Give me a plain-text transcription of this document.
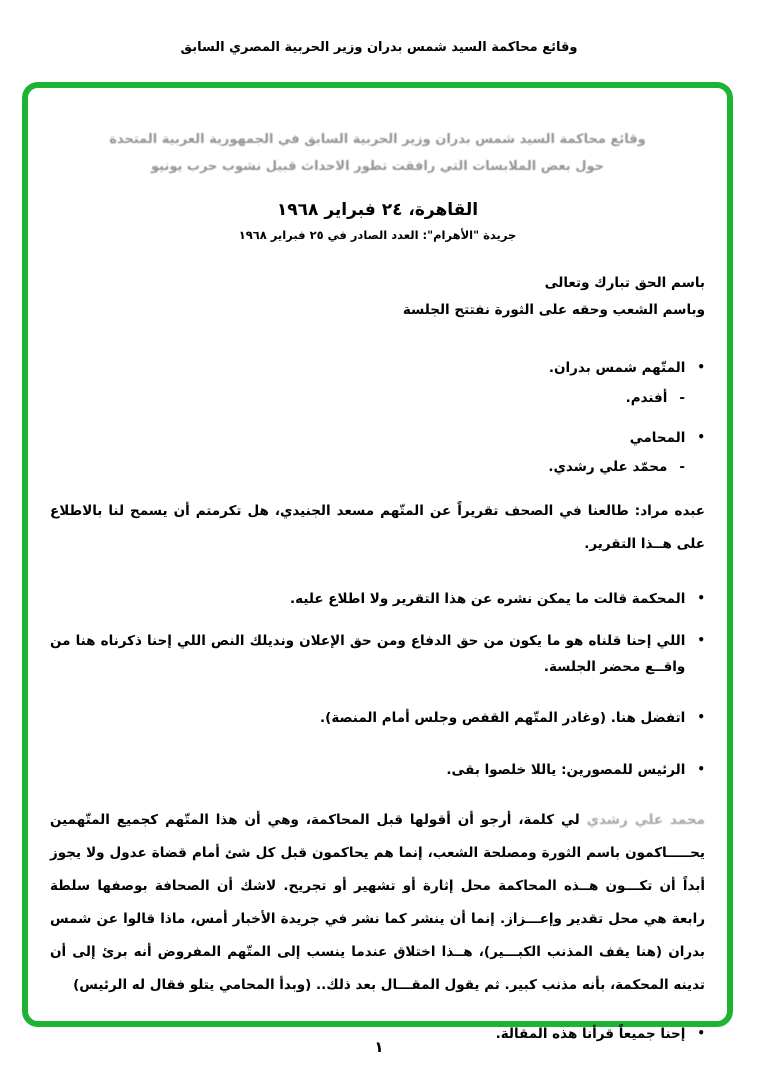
وقائع محاكمة السيد شمس بدران وزير الحربية المصري السابق
وقائع محاكمة السيد شمس بدران وزير الحربية السابق في الجمهورية العربية المتحدة
حول بعض الملابسات التي رافقت تطور الاحداث قبيل نشوب حرب يونيو
القاهرة، ٢٤ فبراير ١٩٦٨
جريدة "الأهرام": العدد الصادر في ٢٥ فبراير ١٩٦٨
باسم الحق تبارك وتعالى
وباسم الشعب وحقه على الثورة نفتتح الجلسة
•
المتّهم شمس بدران.
-
أفندم.
•
المحامي
-
محمّد علي رشدي.

عبده مراد: طالعنا في الصحف تقريراً عن المتّهم مسعد الجنيدي، هل تكرمتم أن يسمح لنا بالاطلاع على هــذا التقرير.

•
المحكمة قالت ما يمكن نشره عن هذا التقرير ولا اطلاع عليه.
•
اللي إحنا قلناه هو ما يكون من حق الدفاع ومن حق الإعلان ونديلك النص اللي إحنا ذكرناه هنا من واقــع محضر الجلسة.
•
اتفضل هنا. (وغادر المتّهم القفص وجلس أمام المنصة).
•
الرئيس للمصورين: ياللا خلصوا بقى.

محمد علي رشدي لي كلمة، أرجو أن أقولها قبل المحاكمة، وهي أن هذا المتّهم كجميع المتّهمين يحـــــاكمون باسم الثورة ومصلحة الشعب، إنما هم يحاكمون قبل كل شئ أمام قضاة عدول ولا يجوز أبداً أن تكـــون هــذه المحاكمة محل إثارة أو تشهير أو تجريح. لاشك أن الصحافة بوصفها سلطة رابعة هي محل تقدير وإعـــزاز. إنما أن ينشر كما نشر في جريدة الأخبار أمس، ماذا قالوا عن شمس بدران (هنا يقف المذنب الكبـــير)، هــذا اختلاق عندما ينسب إلى المتّهم المفروض أنه برئ إلى أن تدينه المحكمة، بأنه مذنب كبير. ثم يقول المقـــال بعد ذلك.. (وبدأ المحامي يتلو فقال له الرئيس)

•
إحنا جميعاً قرأنا هذه المقالة.
١
